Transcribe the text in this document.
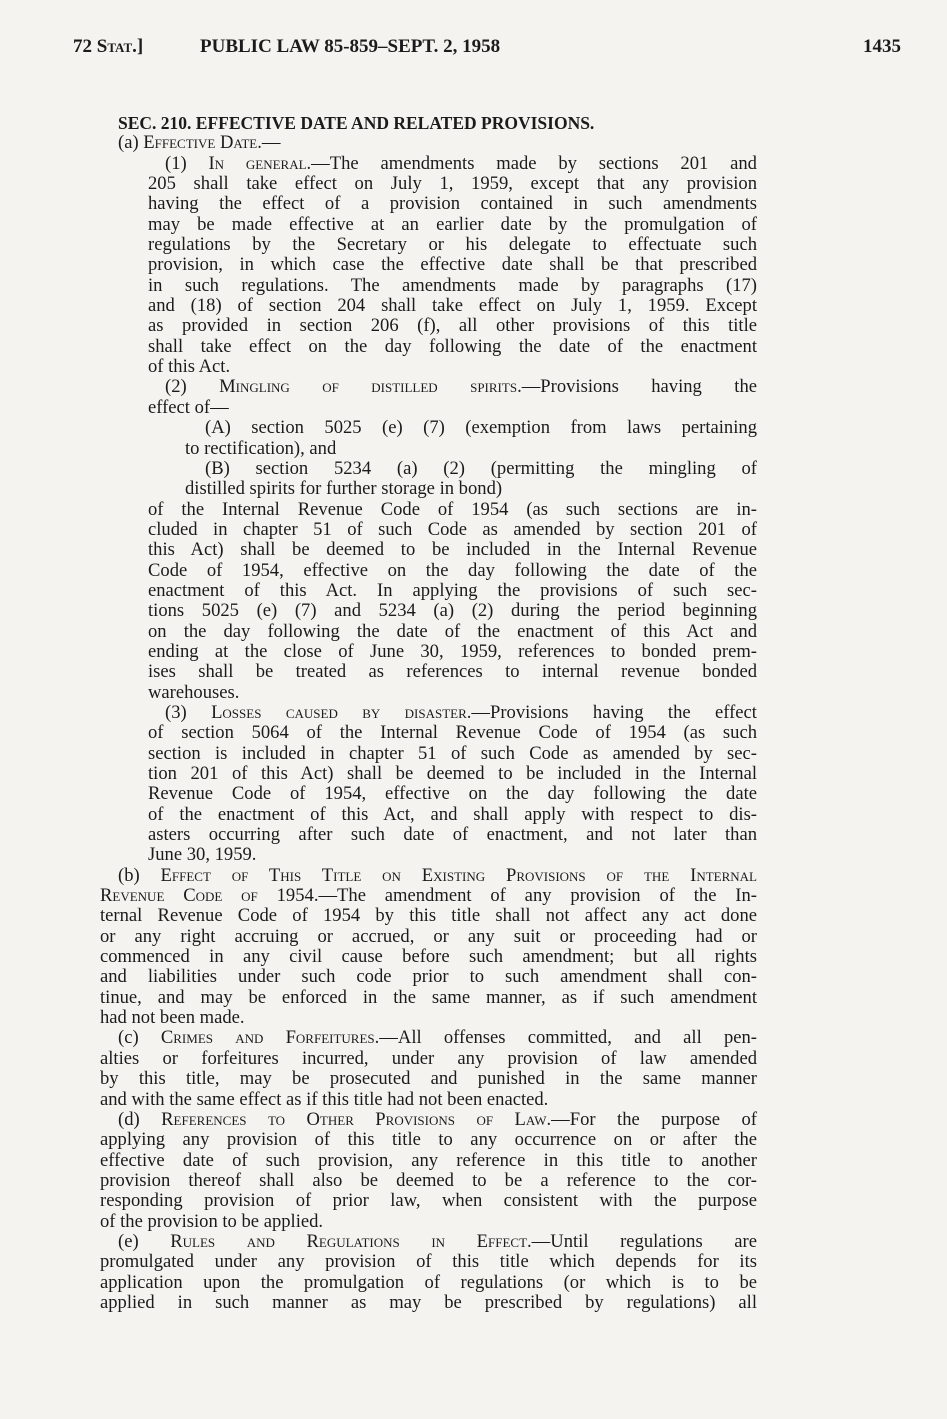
72 Stat.]	PUBLIC LAW 85-859–SEPT. 2, 1958	1435
SEC. 210. EFFECTIVE DATE AND RELATED PROVISIONS.
(a) Effective Date.—
(1) In general.—The amendments made by sections 201 and
205 shall take effect on July 1, 1959, except that any provision
having the effect of a provision contained in such amendments
may be made effective at an earlier date by the promulgation of
regulations by the Secretary or his delegate to effectuate such
provision, in which case the effective date shall be that prescribed
in such regulations. The amendments made by paragraphs (17)
and (18) of section 204 shall take effect on July 1, 1959. Except
as provided in section 206 (f), all other provisions of this title
shall take effect on the day following the date of the enactment
of this Act.
(2) Mingling of distilled spirits.—Provisions having the
effect of—
(A) section 5025 (e) (7) (exemption from laws pertaining
to rectification), and
(B) section 5234 (a) (2) (permitting the mingling of
distilled spirits for further storage in bond)
of the Internal Revenue Code of 1954 (as such sections are in-
cluded in chapter 51 of such Code as amended by section 201 of
this Act) shall be deemed to be included in the Internal Revenue
Code of 1954, effective on the day following the date of the
enactment of this Act. In applying the provisions of such sec-
tions 5025 (e) (7) and 5234 (a) (2) during the period beginning
on the day following the date of the enactment of this Act and
ending at the close of June 30, 1959, references to bonded prem-
ises shall be treated as references to internal revenue bonded
warehouses.
(3) Losses caused by disaster.—Provisions having the effect
of section 5064 of the Internal Revenue Code of 1954 (as such
section is included in chapter 51 of such Code as amended by sec-
tion 201 of this Act) shall be deemed to be included in the Internal
Revenue Code of 1954, effective on the day following the date
of the enactment of this Act, and shall apply with respect to dis-
asters occurring after such date of enactment, and not later than
June 30, 1959.
(b) Effect of This Title on Existing Provisions of the Internal
Revenue Code of 1954.—The amendment of any provision of the In-
ternal Revenue Code of 1954 by this title shall not affect any act done
or any right accruing or accrued, or any suit or proceeding had or
commenced in any civil cause before such amendment; but all rights
and liabilities under such code prior to such amendment shall con-
tinue, and may be enforced in the same manner, as if such amendment
had not been made.
(c) Crimes and Forfeitures.—All offenses committed, and all pen-
alties or forfeitures incurred, under any provision of law amended
by this title, may be prosecuted and punished in the same manner
and with the same effect as if this title had not been enacted.
(d) References to Other Provisions of Law.—For the purpose of
applying any provision of this title to any occurrence on or after the
effective date of such provision, any reference in this title to another
provision thereof shall also be deemed to be a reference to the cor-
responding provision of prior law, when consistent with the purpose
of the provision to be applied.
(e) Rules and Regulations in Effect.—Until regulations are
promulgated under any provision of this title which depends for its
application upon the promulgation of regulations (or which is to be
applied in such manner as may be prescribed by regulations) all
